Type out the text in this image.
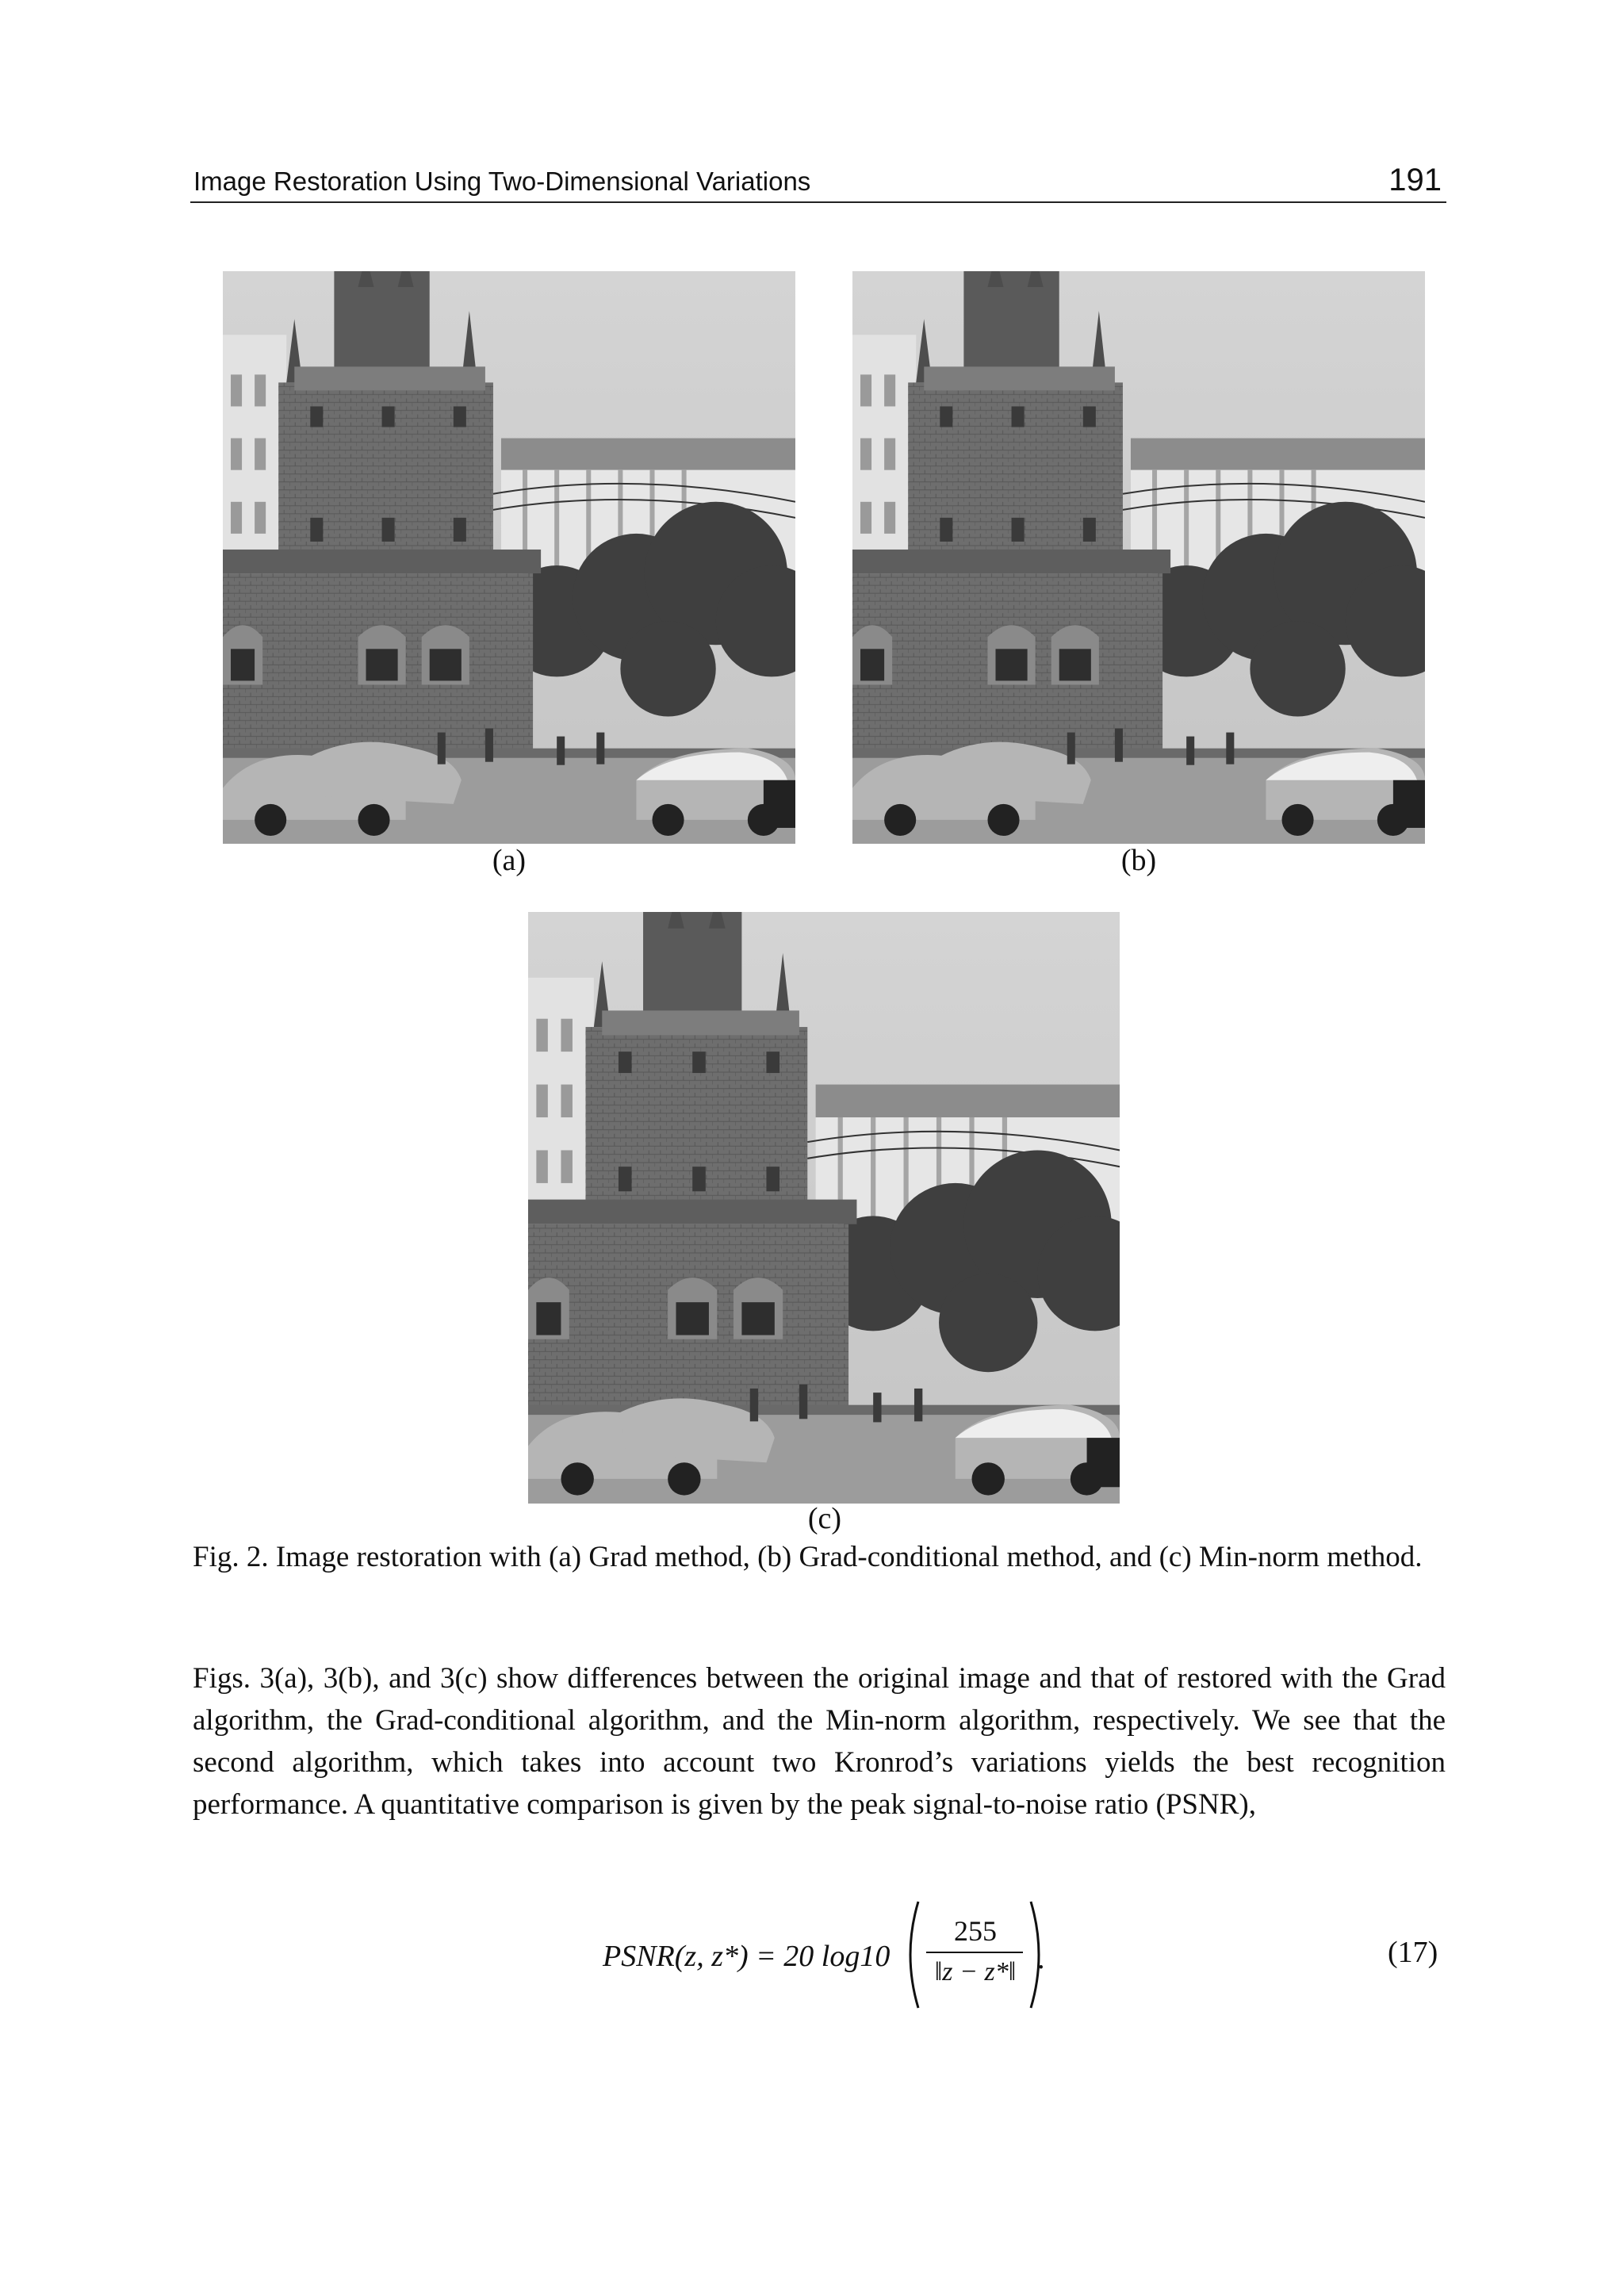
Image Restoration Using Two-Dimensional Variations	191
(a)	(b)
(c)
Fig. 2. Image restoration with (a) Grad method, (b) Grad-conditional method, and (c) Min-norm method.
Figs. 3(a), 3(b), and 3(c) show differences between the original image and that of restored with the Grad algorithm, the Grad-conditional algorithm, and the Min-norm algorithm, respectively. We see that the second algorithm, which takes into account two Kronrod’s variations yields the best recognition performance. A quantitative comparison is given by the peak signal-to-noise ratio (PSNR),
PSNR(z, z*) = 20 log10
255
‖z − z*‖ .	(17)
